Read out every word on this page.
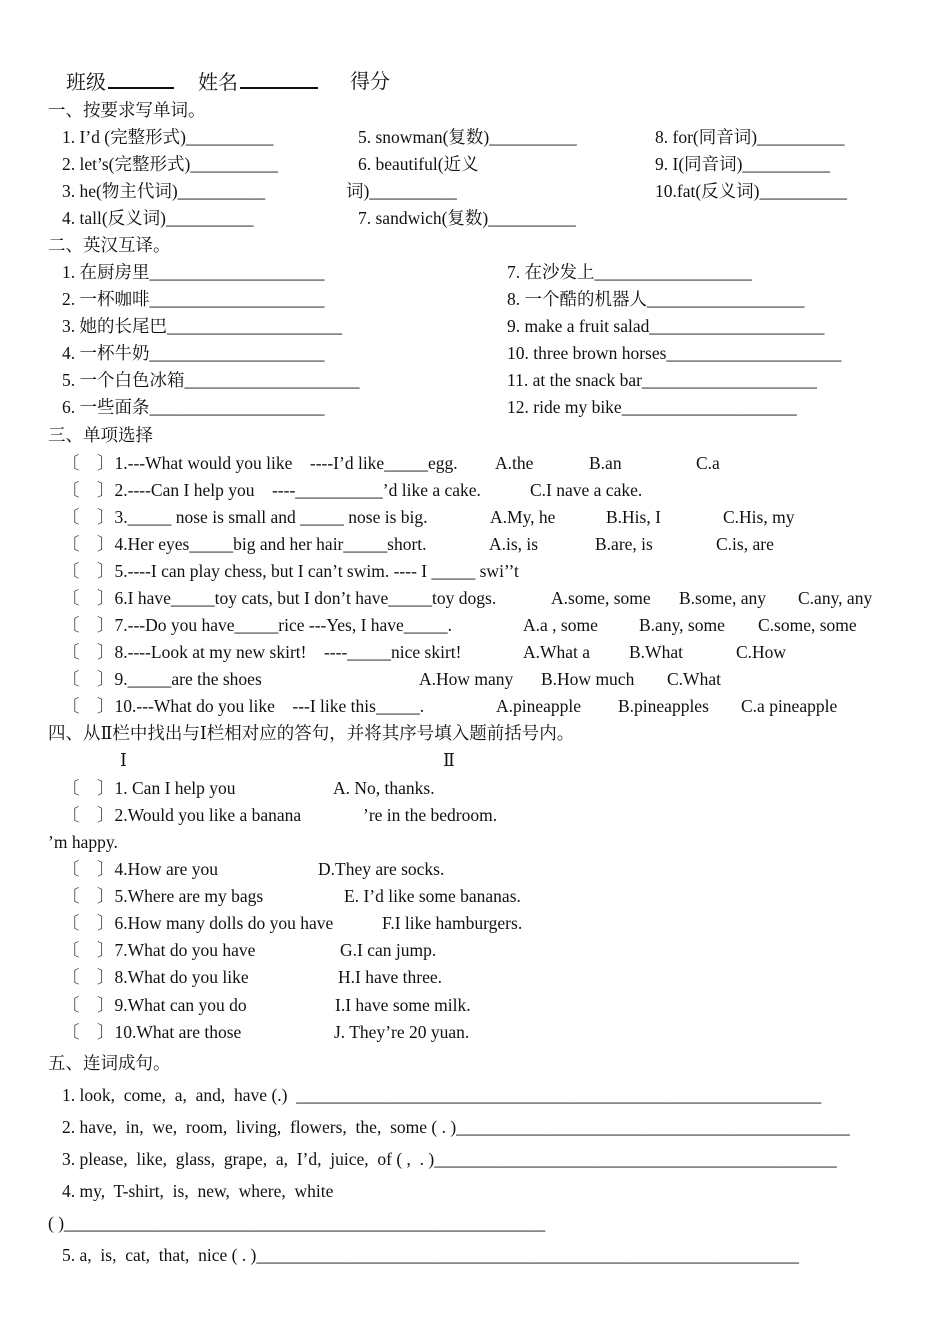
班级	姓名	得分
一、按要求写单词。
1. I’d (完整形式)__________
2. let’s(完整形式)__________
3. he(物主代词)__________
4. tall(反义词)__________
5. snowman(复数)__________
6. beautiful(近义
词)__________
7. sandwich(复数)__________
8. for(同音词)__________
9. I(同音词)__________
10.fat(反义词)__________
二、英汉互译。
1. 在厨房里____________________
2. 一杯咖啡____________________
3. 她的长尾巴____________________
4. 一杯牛奶____________________
5. 一个白色冰箱____________________
6. 一些面条____________________
7. 在沙发上__________________
8. 一个酷的机器人__________________
9. make a fruit salad____________________
10. three brown horses____________________
11. at the snack bar____________________
12. ride my bike____________________
三、单项选择
〔　〕1.---What would you like　----I’d like_____egg. A.the	B.an	C.a
〔　〕2.----Can I help you　----__________’d like a cake.	C.I nave a cake.
〔　〕3._____ nose is small and _____ nose is big.	A.My, he	B.His, I	C.His, my
〔　〕4.Her eyes_____big and her hair_____short.	A.is, is	B.are, is	C.is, are
〔　〕5.----I can play chess, but I can’t swim. ---- I _____ swi’’t
〔　〕6.I have_____toy cats, but I don’t have_____toy dogs.	A.some, some B.some, any C.any, any
〔　〕7.---Do you have_____rice ---Yes, I have_____.	A.a , some B.any, some C.some, some
〔　〕8.----Look at my new skirt!　----_____nice skirt!	A.What a B.What	C.How
〔　〕9._____are the shoes	A.How many B.How much C.What
〔　〕10.---What do you like　---I like this_____.	A.pineapple B.pineapples C.a pineapple
四、从Ⅱ栏中找出与Ⅰ栏相对应的答句，并将其序号填入题前括号内。
Ⅰ	Ⅱ
〔　〕1. Can I help you	A. No, thanks.
〔　〕2.Would you like a banana	’re in the bedroom.
’m happy.
〔　〕4.How are you	D.They are socks.
〔　〕5.Where are my bags	E. I’d like some bananas.
〔　〕6.How many dolls do you have	F.I like hamburgers.
〔　〕7.What do you have	G.I can jump.
〔　〕8.What do you like	H.I have three.
〔　〕9.What can you do	I.I have some milk.
〔　〕10.What are those	J. They’re 20 yuan.
五、连词成句。
1. look,  come,  a,  and,  have (.)  ____________________________________________________________
2. have,  in,  we,  room,  living,  flowers,  the,  some ( . )_____________________________________________
3. please,  like,  glass,  grape,  a,  I’d,  juice,  of ( ,  . )______________________________________________
4. my,  T-shirt,  is,  new,  where,  white
( )_______________________________________________________
5. a,  is,  cat,  that,  nice ( . )______________________________________________________________
